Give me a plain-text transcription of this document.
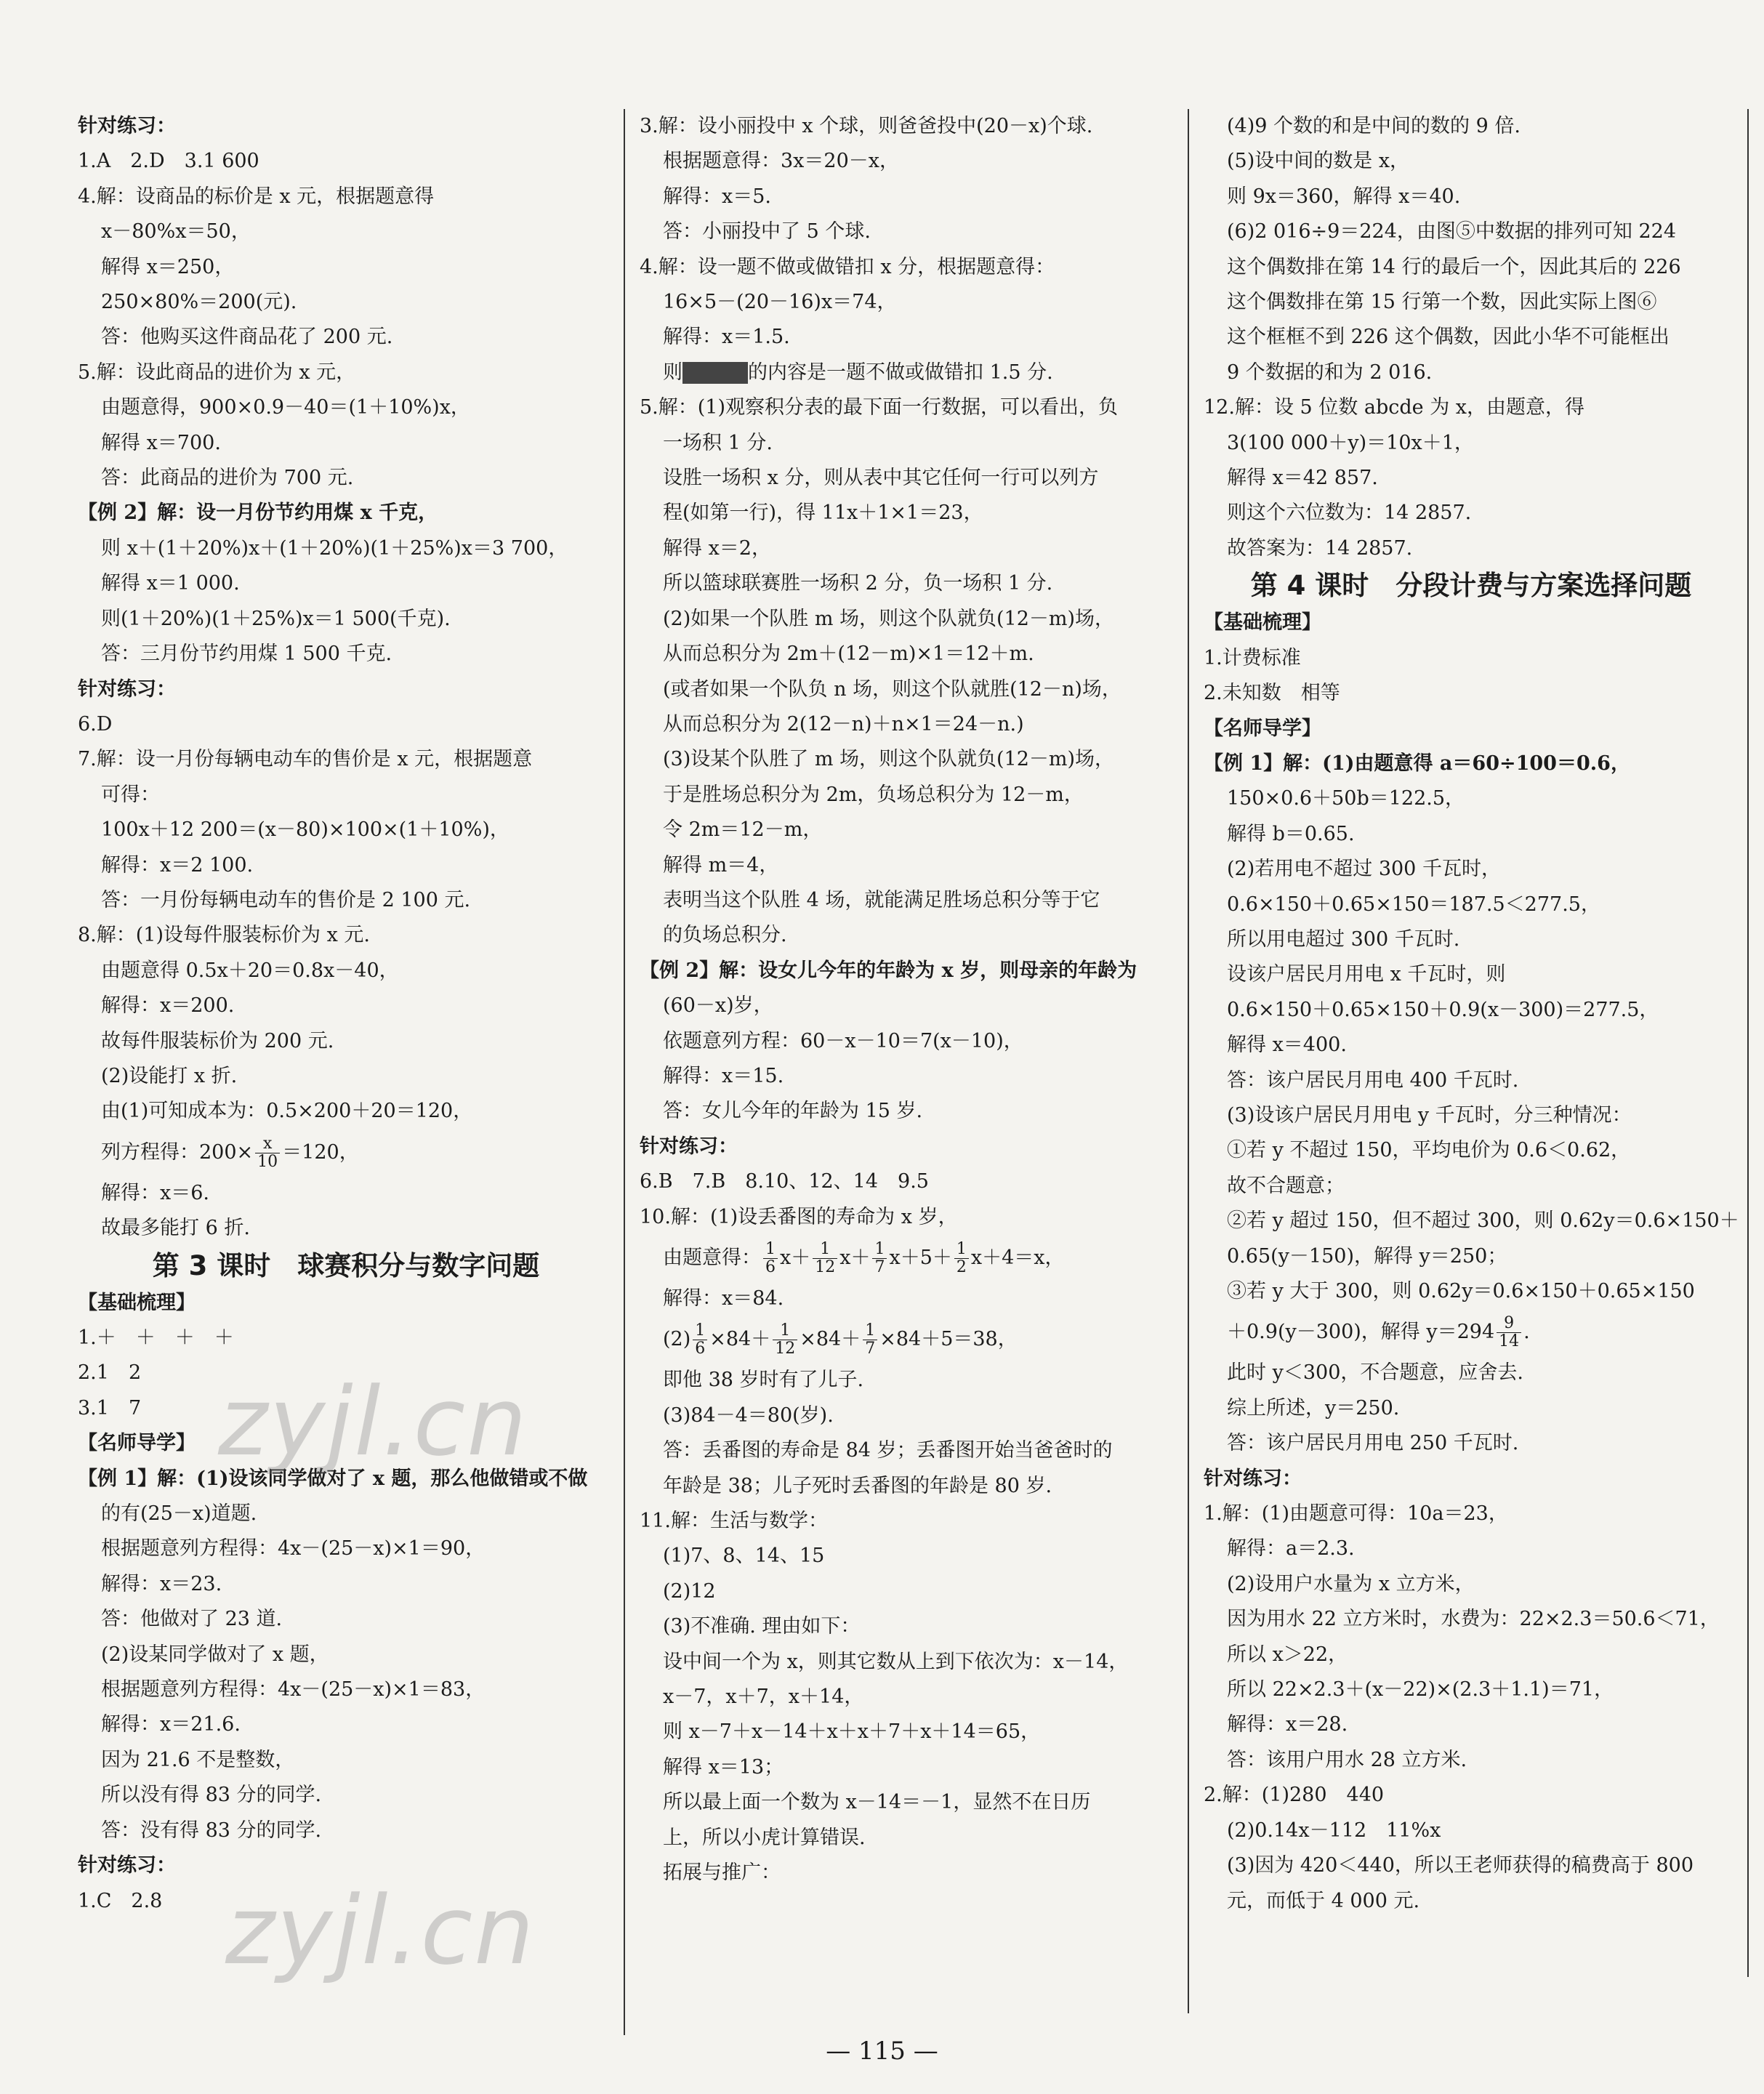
针对练习：
1.A　2.D　3.1 600
4.解：设商品的标价是 x 元，根据题意得
x－80%x＝50，
解得 x＝250，
250×80%＝200(元).
答：他购买这件商品花了 200 元.
5.解：设此商品的进价为 x 元，
由题意得，900×0.9－40＝(1＋10%)x，
解得 x＝700.
答：此商品的进价为 700 元.
【例 2】解：设一月份节约用煤 x 千克，
则 x＋(1＋20%)x＋(1＋20%)(1＋25%)x＝3 700，
解得 x＝1 000.
则(1＋20%)(1＋25%)x＝1 500(千克).
答：三月份节约用煤 1 500 千克.
针对练习：
6.D
7.解：设一月份每辆电动车的售价是 x 元，根据题意
可得：
100x＋12 200＝(x－80)×100×(1＋10%)，
解得：x＝2 100.
答：一月份每辆电动车的售价是 2 100 元.
8.解：(1)设每件服装标价为 x 元.
由题意得 0.5x＋20＝0.8x－40，
解得：x＝200.
故每件服装标价为 200 元.
(2)设能打 x 折.
由(1)可知成本为：0.5×200＋20＝120，
列方程得：$200\times \frac{x}{10} =120$，
解得：x＝6.
故最多能打 6 折.
第 3 课时　球赛积分与数字问题
【基础梳理】
1.＋　＋　＋　＋
2.1　2
3.1　7
【名师导学】
【例 1】解：(1)设该同学做对了 x 题，那么他做错或不做
的有(25－x)道题.
根据题意列方程得：4x－(25－x)×1＝90，
解得：x＝23.
答：他做对了 23 道.
(2)设某同学做对了 x 题，
根据题意列方程得：4x－(25－x)×1＝83，
解得：x＝21.6.
因为 21.6 不是整数，
所以没有得 83 分的同学.
答：没有得 83 分的同学.
针对练习：
1.C　2.8
3.解：设小丽投中 x 个球，则爸爸投中(20－x)个球.
根据题意得：3x＝20－x，
解得：x＝5.
答：小丽投中了 5 个球.
4.解：设一题不做或做错扣 x 分，根据题意得：
16×5－(20－16)x＝74，
解得：x＝1.5.
则	的内容是一题不做或做错扣 1.5 分.
5.解：(1)观察积分表的最下面一行数据，可以看出，负
一场积 1 分.
设胜一场积 x 分，则从表中其它任何一行可以列方
程(如第一行)，得 11x＋1×1＝23，
解得 x＝2，
所以篮球联赛胜一场积 2 分，负一场积 1 分.
(2)如果一个队胜 m 场，则这个队就负(12－m)场，
从而总积分为 2m＋(12－m)×1＝12＋m.
(或者如果一个队负 n 场，则这个队就胜(12－n)场，
从而总积分为 2(12－n)＋n×1＝24－n.)
(3)设某个队胜了 m 场，则这个队就负(12－m)场，
于是胜场总积分为 2m，负场总积分为 12－m，
令 2m＝12－m，
解得 m＝4，
表明当这个队胜 4 场，就能满足胜场总积分等于它
的负场总积分.
【例 2】解：设女儿今年的年龄为 x 岁，则母亲的年龄为
(60－x)岁，
依题意列方程：60－x－10＝7(x－10)，
解得：x＝15.
答：女儿今年的年龄为 15 岁.
针对练习：
6.B　7.B　8.10、12、14　9.5
10.解：(1)设丢番图的寿命为 x 岁，
由题意得： $\frac{1}{6} x+ \frac{1}{12} x+ \frac{1}{7} x+5+ \frac{1}{2} x+4=x$，
解得：x＝84.
$(2) \frac{1}{6} \times 84+ \frac{1}{12} \times 84+ \frac{1}{7} \times 84+5=38$，
即他 38 岁时有了儿子.
(3)84－4＝80(岁).
答：丢番图的寿命是 84 岁；丢番图开始当爸爸时的
年龄是 38；儿子死时丢番图的年龄是 80 岁.
11.解：生活与数学：
(1)7、8、14、15
(2)12
(3)不准确. 理由如下：
设中间一个为 x，则其它数从上到下依次为：x－14，
x－7，x＋7，x＋14，
则 x－7＋x－14＋x＋x＋7＋x＋14＝65，
解得 x＝13；
所以最上面一个数为 x－14＝－1，显然不在日历
上，所以小虎计算错误.
拓展与推广：
(4)9 个数的和是中间的数的 9 倍.
(5)设中间的数是 x，
则 9x＝360，解得 x＝40.
(6)2 016÷9＝224，由图⑤中数据的排列可知 224
这个偶数排在第 14 行的最后一个，因此其后的 226
这个偶数排在第 15 行第一个数，因此实际上图⑥
这个框框不到 226 这个偶数，因此小华不可能框出
9 个数据的和为 2 016.
12.解：设 5 位数 abcde 为 x，由题意，得
3(100 000＋y)＝10x＋1，
解得 x＝42 857.
则这个六位数为：14 2857.
故答案为：14 2857.
第 4 课时　分段计费与方案选择问题
【基础梳理】
1.计费标准
2.未知数　相等
【名师导学】
【例 1】解：(1)由题意得 a＝60÷100＝0.6，
150×0.6＋50b＝122.5，
解得 b＝0.65.
(2)若用电不超过 300 千瓦时，
0.6×150＋0.65×150＝187.5＜277.5，
所以用电超过 300 千瓦时.
设该户居民月用电 x 千瓦时，则
0.6×150＋0.65×150＋0.9(x－300)＝277.5，
解得 x＝400.
答：该户居民月用电 400 千瓦时.
(3)设该户居民月用电 y 千瓦时，分三种情况：
①若 y 不超过 150，平均电价为 0.6＜0.62，
故不合题意；
②若 y 超过 150，但不超过 300，则 0.62y＝0.6×150＋
0.65(y－150)，解得 y＝250；
③若 y 大于 300，则 0.62y＝0.6×150＋0.65×150
＋0.9(y－300)，解得 $y=294 \frac{9}{14}$ .
此时 y＜300，不合题意，应舍去.
综上所述，y＝250.
答：该户居民月用电 250 千瓦时.
针对练习：
1.解：(1)由题意可得：10a＝23，
解得：a＝2.3.
(2)设用户水量为 x 立方米，
因为用水 22 立方米时，水费为：22×2.3＝50.6＜71，
所以 x＞22，
所以 22×2.3＋(x－22)×(2.3＋1.1)＝71，
解得：x＝28.
答：该用户用水 28 立方米.
2.解：(1)280　440
(2)0.14x－112　11%x
(3)因为 420＜440，所以王老师获得的稿费高于 800
元，而低于 4 000 元.
zyjl.cn
zyjl.cn
— 115 —
